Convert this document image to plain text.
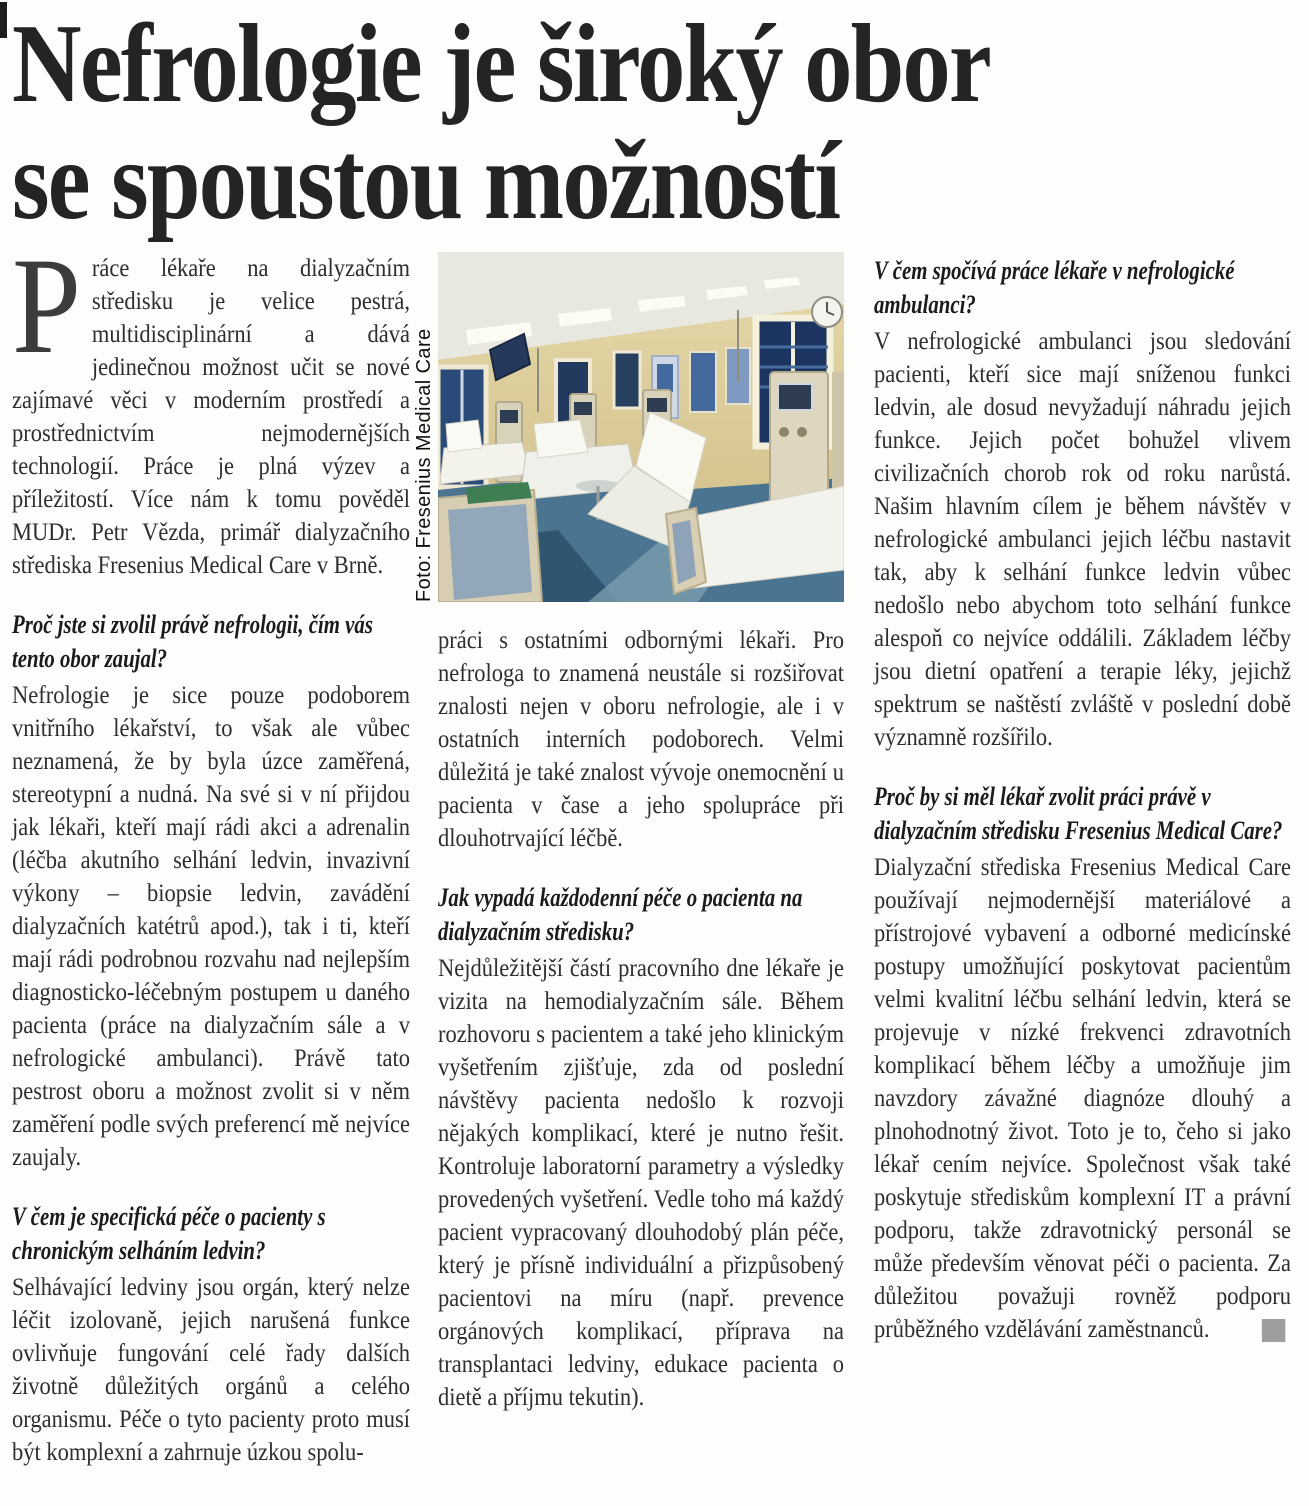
Nefrologie je široký obor
se spoustou možností

Práce lékaře na dialyzačním středisku je velice pestrá, multidisciplinární a dává jedinečnou možnost učit se nové zajímavé věci v moderním prostředí a prostřednictvím nejmodernějších technologií. Práce je plná výzev a příležitostí. Více nám k tomu pověděl MUDr. Petr Vězda, primář dialyzačního střediska Fresenius Medical Care v Brně.

Proč jste si zvolil právě nefrologii, čím vás tento obor zaujal?

Nefrologie je sice pouze podoborem vnitřního lékařství, to však ale vůbec neznamená, že by byla úzce zaměřená, stereotypní a nudná. Na své si v ní přijdou jak lékaři, kteří mají rádi akci a adrenalin (léčba akutního selhání ledvin, invazivní výkony – biopsie ledvin, zavádění dialyzačních katétrů apod.), tak i ti, kteří mají rádi podrobnou rozvahu nad nejlepším diagnosticko-léčebným postupem u daného pacienta (práce na dialyzačním sále a v nefrologické ambulanci). Právě tato pestrost oboru a možnost zvolit si v něm zaměření podle svých preferencí mě nejvíce zaujaly.

V čem je specifická péče o pacienty s chronickým selháním ledvin?

Selhávající ledviny jsou orgán, který nelze léčit izolovaně, jejich narušená funkce ovlivňuje fungování celé řady dalších životně důležitých orgánů a celého organismu. Péče o tyto pacienty proto musí být komplexní a zahrnuje úzkou spolu-

Foto: Fresenius Medical Care

práci s ostatními odbornými lékaři. Pro nefrologa to znamená neustále si rozšiřovat znalosti nejen v oboru nefrologie, ale i v ostatních interních podoborech. Velmi důležitá je také znalost vývoje onemocnění u pacienta v čase a jeho spolupráce při dlouhotrvající léčbě.

Jak vypadá každodenní péče o pacienta na dialyzačním středisku?

Nejdůležitější částí pracovního dne lékaře je vizita na hemodialyzačním sále. Během rozhovoru s pacientem a také jeho klinickým vyšetřením zjišťuje, zda od poslední návštěvy pacienta nedošlo k rozvoji nějakých komplikací, které je nutno řešit. Kontroluje laboratorní parametry a výsledky provedených vyšetření. Vedle toho má každý pacient vypracovaný dlouhodobý plán péče, který je přísně individuální a přizpůsobený pacientovi na míru (např. prevence orgánových komplikací, příprava na transplantaci ledviny, edukace pacienta o dietě a příjmu tekutin).

V čem spočívá práce lékaře v nefrologické ambulanci?

V nefrologické ambulanci jsou sledování pacienti, kteří sice mají sníženou funkci ledvin, ale dosud nevyžadují náhradu jejich funkce. Jejich počet bohužel vlivem civilizačních chorob rok od roku narůstá. Našim hlavním cílem je během návštěv v nefrologické ambulanci jejich léčbu nastavit tak, aby k selhání funkce ledvin vůbec nedošlo nebo abychom toto selhání funkce alespoň co nejvíce oddálili. Základem léčby jsou dietní opatření a terapie léky, jejichž spektrum se naštěstí zvláště v poslední době významně rozšířilo.

Proč by si měl lékař zvolit práci právě v dialyzačním středisku Fresenius Medical Care?

Dialyzační střediska Fresenius Medical Care používají nejmodernější materiálové a přístrojové vybavení a odborné medicínské postupy umožňující poskytovat pacientům velmi kvalitní léčbu selhání ledvin, která se projevuje v nízké frekvenci zdravotních komplikací během léčby a umožňuje jim navzdory závažné diagnóze dlouhý a plnohodnotný život. Toto je to, čeho si jako lékař cením nejvíce. Společnost však také poskytuje střediskům komplexní IT a právní podporu, takže zdravotnický personál se může především věnovat péči o pacienta. Za důležitou považuji rovněž podporu průběžného vzdělávání zaměstnanců.
